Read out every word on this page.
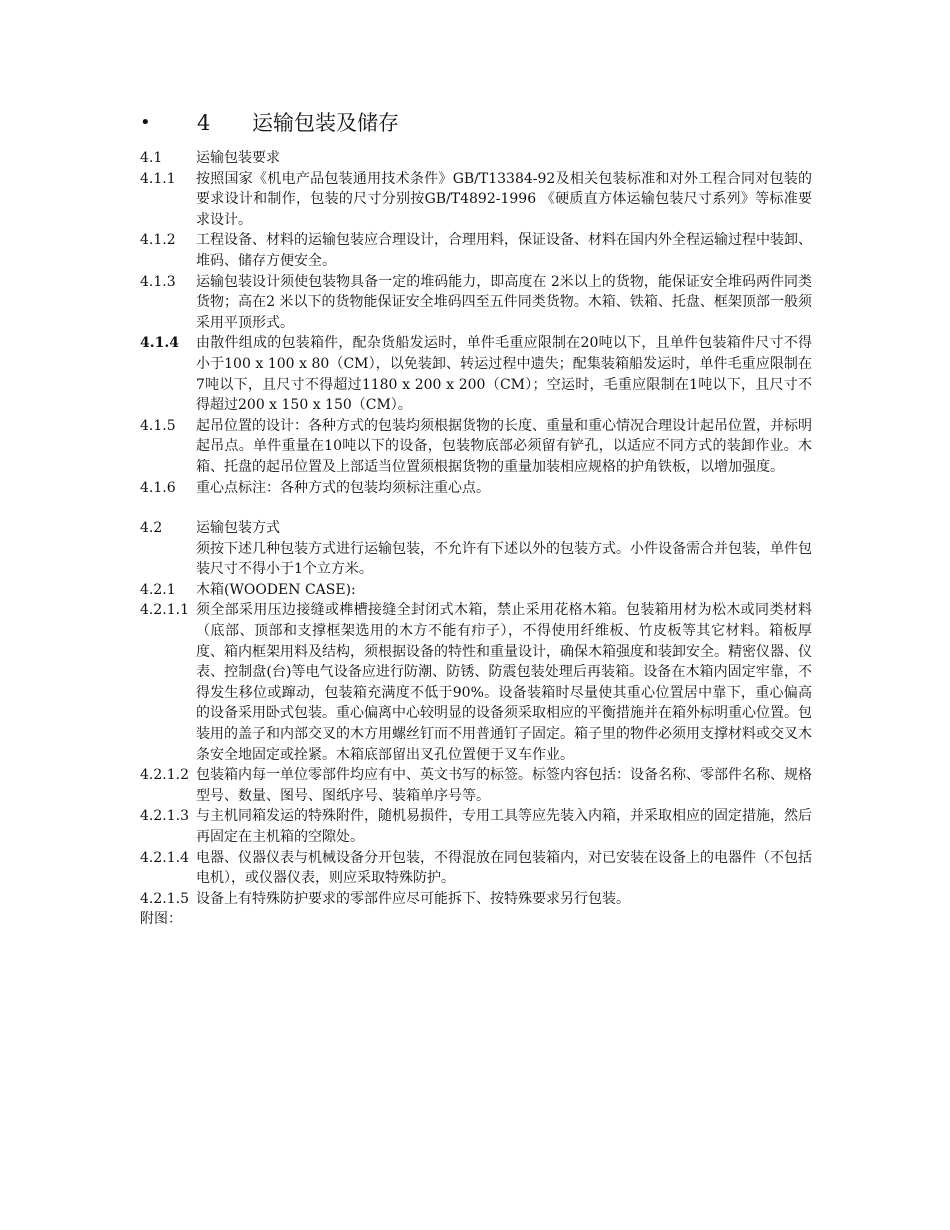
• 4 运输包装及储存
4.1	运输包装要求
4.1.1	按照国家《机电产品包装通用技术条件》GB/T13384-92及相关包装标准和对外工程合同对包装的要求设计和制作，包装的尺寸分别按GB/T4892-1996 《硬质直方体运输包装尺寸系列》等标准要求设计。
4.1.2	工程设备、材料的运输包装应合理设计，合理用料，保证设备、材料在国内外全程运输过程中装卸、堆码、储存方便安全。
4.1.3	运输包装设计须使包装物具备一定的堆码能力，即高度在 2米以上的货物，能保证安全堆码两件同类货物；高在2 米以下的货物能保证安全堆码四至五件同类货物。木箱、铁箱、托盘、框架顶部一般须采用平顶形式。
4.1.4	由散件组成的包装箱件，配杂货船发运时，单件毛重应限制在20吨以下，且单件包装箱件尺寸不得小于100 x 100 x 80（CM），以免装卸、转运过程中遗失；配集装箱船发运时，单件毛重应限制在7吨以下，且尺寸不得超过1180 x 200 x 200（CM）；空运时，毛重应限制在1吨以下，且尺寸不得超过200 x 150 x 150（CM）。
4.1.5	起吊位置的设计：各种方式的包装均须根据货物的长度、重量和重心情况合理设计起吊位置，并标明起吊点。单件重量在10吨以下的设备，包装物底部必须留有铲孔，以适应不同方式的装卸作业。木箱、托盘的起吊位置及上部适当位置须根据货物的重量加装相应规格的护角铁板，以增加强度。
4.1.6	重心点标注：各种方式的包装均须标注重心点。
4.2	运输包装方式
须按下述几种包装方式进行运输包装，不允许有下述以外的包装方式。小件设备需合并包装，单件包装尺寸不得小于1个立方米。
4.2.1	木箱(WOODEN CASE):
4.2.1.1 须全部采用压边接缝或榫槽接缝全封闭式木箱，禁止采用花格木箱。包装箱用材为松木或同类材料（底部、顶部和支撑框架选用的木方不能有疖子），不得使用纤维板、竹皮板等其它材料。箱板厚度、箱内框架用料及结构，须根据设备的特性和重量设计，确保木箱强度和装卸安全。精密仪器、仪表、控制盘(台)等电气设备应进行防潮、防锈、防震包装处理后再装箱。设备在木箱内固定牢靠，不得发生移位或蹿动，包装箱充满度不低于90%。设备装箱时尽量使其重心位置居中靠下，重心偏高的设备采用卧式包装。重心偏离中心较明显的设备须采取相应的平衡措施并在箱外标明重心位置。包装用的盖子和内部交叉的木方用螺丝钉而不用普通钉子固定。箱子里的物件必须用支撑材料或交叉木条安全地固定或拴紧。木箱底部留出叉孔位置便于叉车作业。
4.2.1.2 包装箱内每一单位零部件均应有中、英文书写的标签。标签内容包括：设备名称、零部件名称、规格型号、数量、图号、图纸序号、装箱单序号等。
4.2.1.3 与主机同箱发运的特殊附件，随机易损件，专用工具等应先装入内箱，并采取相应的固定措施，然后再固定在主机箱的空隙处。
4.2.1.4 电器、仪器仪表与机械设备分开包装，不得混放在同包装箱内，对已安装在设备上的电器件（不包括电机），或仪器仪表，则应采取特殊防护。
4.2.1.5 设备上有特殊防护要求的零部件应尽可能拆下、按特殊要求另行包装。
附图：
